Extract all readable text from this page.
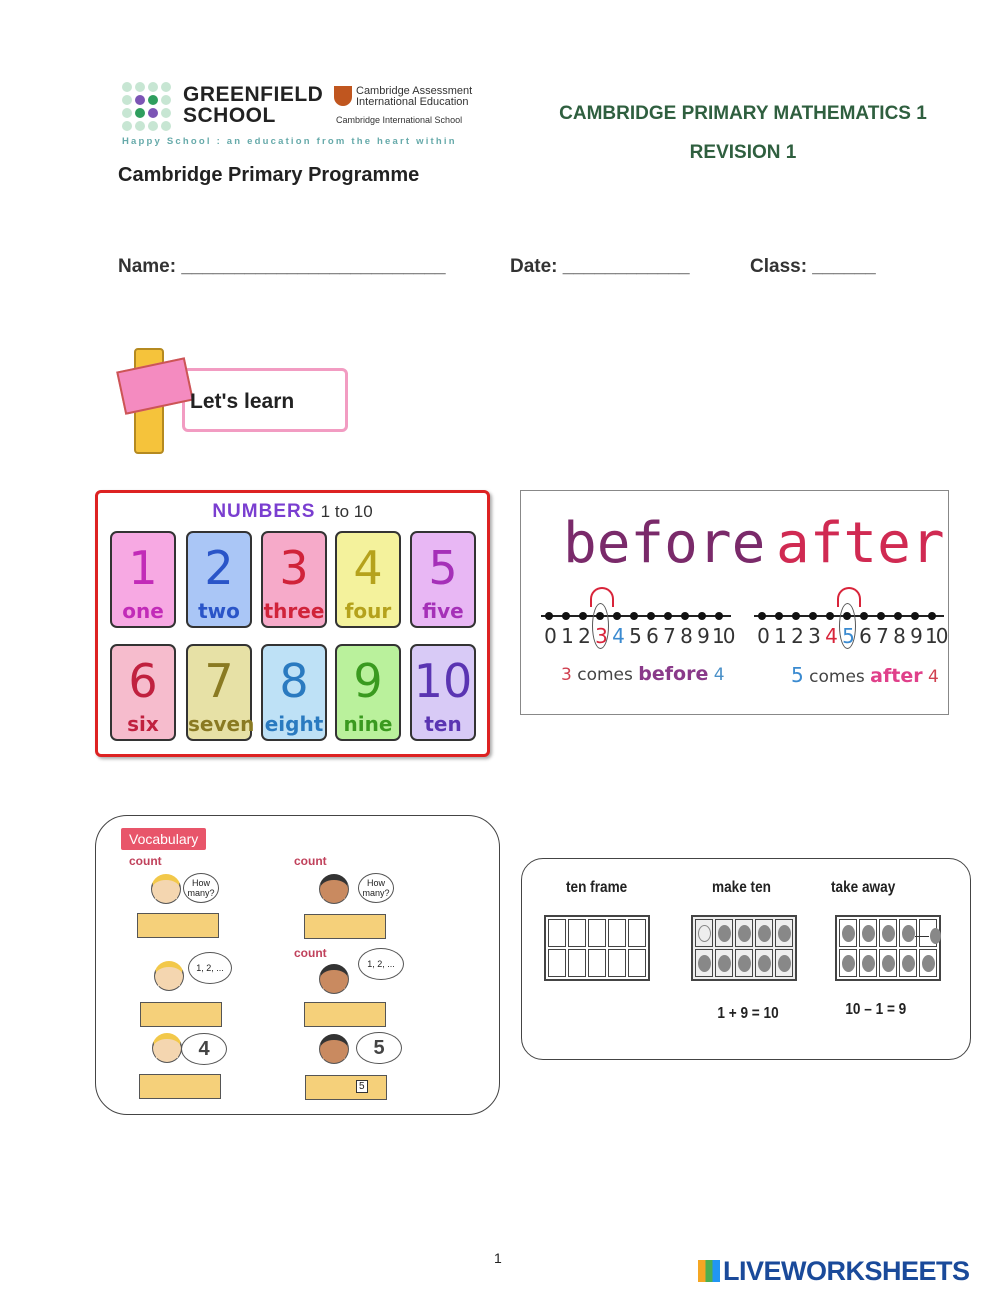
GREENFIELD
SCHOOL
Cambridge Assessment
International Education
Cambridge International School
Happy School : an education from the heart within
Cambridge Primary Programme
CAMBRIDGE PRIMARY MATHEMATICS 1
REVISION 1
Name: _________________________	Date: ____________	Class: ______
Let's learn
NUMBERS 1 to 10
1
one
2
two
3
three
4
four
5
five
6
six
7
seven
8
eight
9
nine
10
ten
before after
0 1 2 3 4 5 6 7 8 9 10 0 1 2 3 4 5 6 7 8 9 10
3 comes before 4	5 comes after 4
Vocabulary
count	count
count
How many?
1, 2, ...
4
How many?
1, 2, ...
5
5
ten frame	make ten	take away
1 + 9 = 10	10 – 1 = 9
1	LIVEWORKSHEETS
